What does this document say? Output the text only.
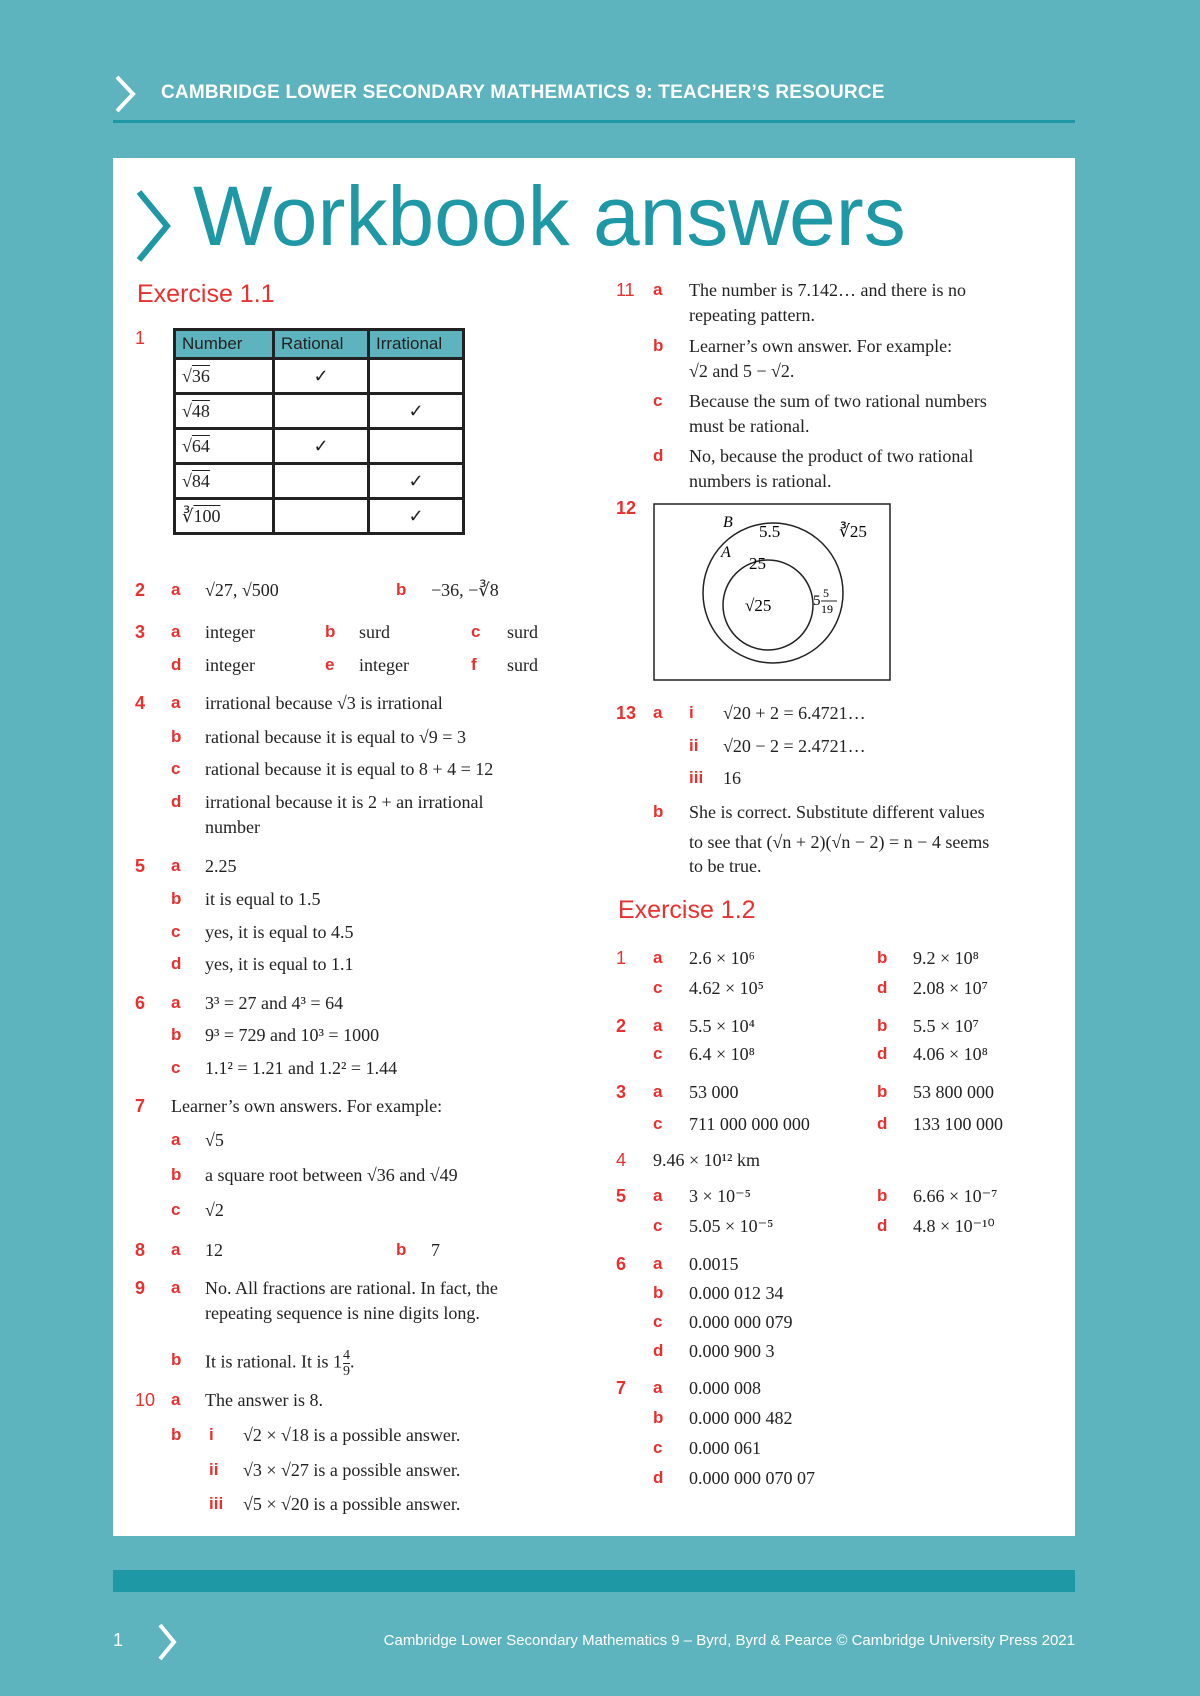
CAMBRIDGE LOWER SECONDARY MATHEMATICS 9: TEACHER’S RESOURCE
Workbook answers
Exercise 1.1
1 Number	Rational	Irrational
√36	✓	
√48		✓
√64	✓	
√84		✓
∛100		✓
2 a √27, √500	b −36, −∛8
3 a integer	b surd	c surd
d integer	e integer	f surd
4 a irrational because √3 is irrational
b rational because it is equal to √9 = 3
c rational because it is equal to 8 + 4 = 12
d irrational because it is 2 + an irrational
number
5 a 2.25
b it is equal to 1.5
c yes, it is equal to 4.5
d yes, it is equal to 1.1
6 a 3³ = 27 and 4³ = 64
b 9³ = 729 and 10³ = 1000
c 1.1² = 1.21 and 1.2² = 1.44
7 Learner’s own answers. For example:
a √5
b a square root between √36 and √49
c √2
8 a 12	b 7
9 a No. All fractions are rational. In fact, the
repeating sequence is nine digits long.
b It is rational. It is $1 \frac{4}{9}$ .
10 a The answer is 8.
b i √2 × √18 is a possible answer.
ii √3 × √27 is a possible answer.
iii √5 × √20 is a possible answer.
11 a The number is 7.142… and there is no
repeating pattern.
b Learner’s own answer. For example:
√2 and 5 − √2.
c Because the sum of two rational numbers
must be rational.
d No, because the product of two rational
numbers is rational.
12
B
A
5.5
25
√25
∛25
5 5
19
13 a i √20 + 2 = 6.4721…
ii √20 − 2 = 2.4721…
iii 16
b She is correct. Substitute different values
to see that (√n + 2)(√n − 2) = n − 4 seems
to be true.
Exercise 1.2
1 a 2.6 × 10⁶	b 9.2 × 10⁸
c 4.62 × 10⁵	d 2.08 × 10⁷
2 a 5.5 × 10⁴	b 5.5 × 10⁷
c 6.4 × 10⁸	d 4.06 × 10⁸
3 a 53 000	b 53 800 000
c 711 000 000 000	d 133 100 000
4 9.46 × 10¹² km
5 a 3 × 10⁻⁵	b 6.66 × 10⁻⁷
c 5.05 × 10⁻⁵	d 4.8 × 10⁻¹⁰
6 a 0.0015
b 0.000 012 34
c 0.000 000 079
d 0.000 900 3
7 a 0.000 008
b 0.000 000 482
c 0.000 061
d 0.000 000 070 07
1	Cambridge Lower Secondary Mathematics 9 – Byrd, Byrd & Pearce © Cambridge University Press 2021
